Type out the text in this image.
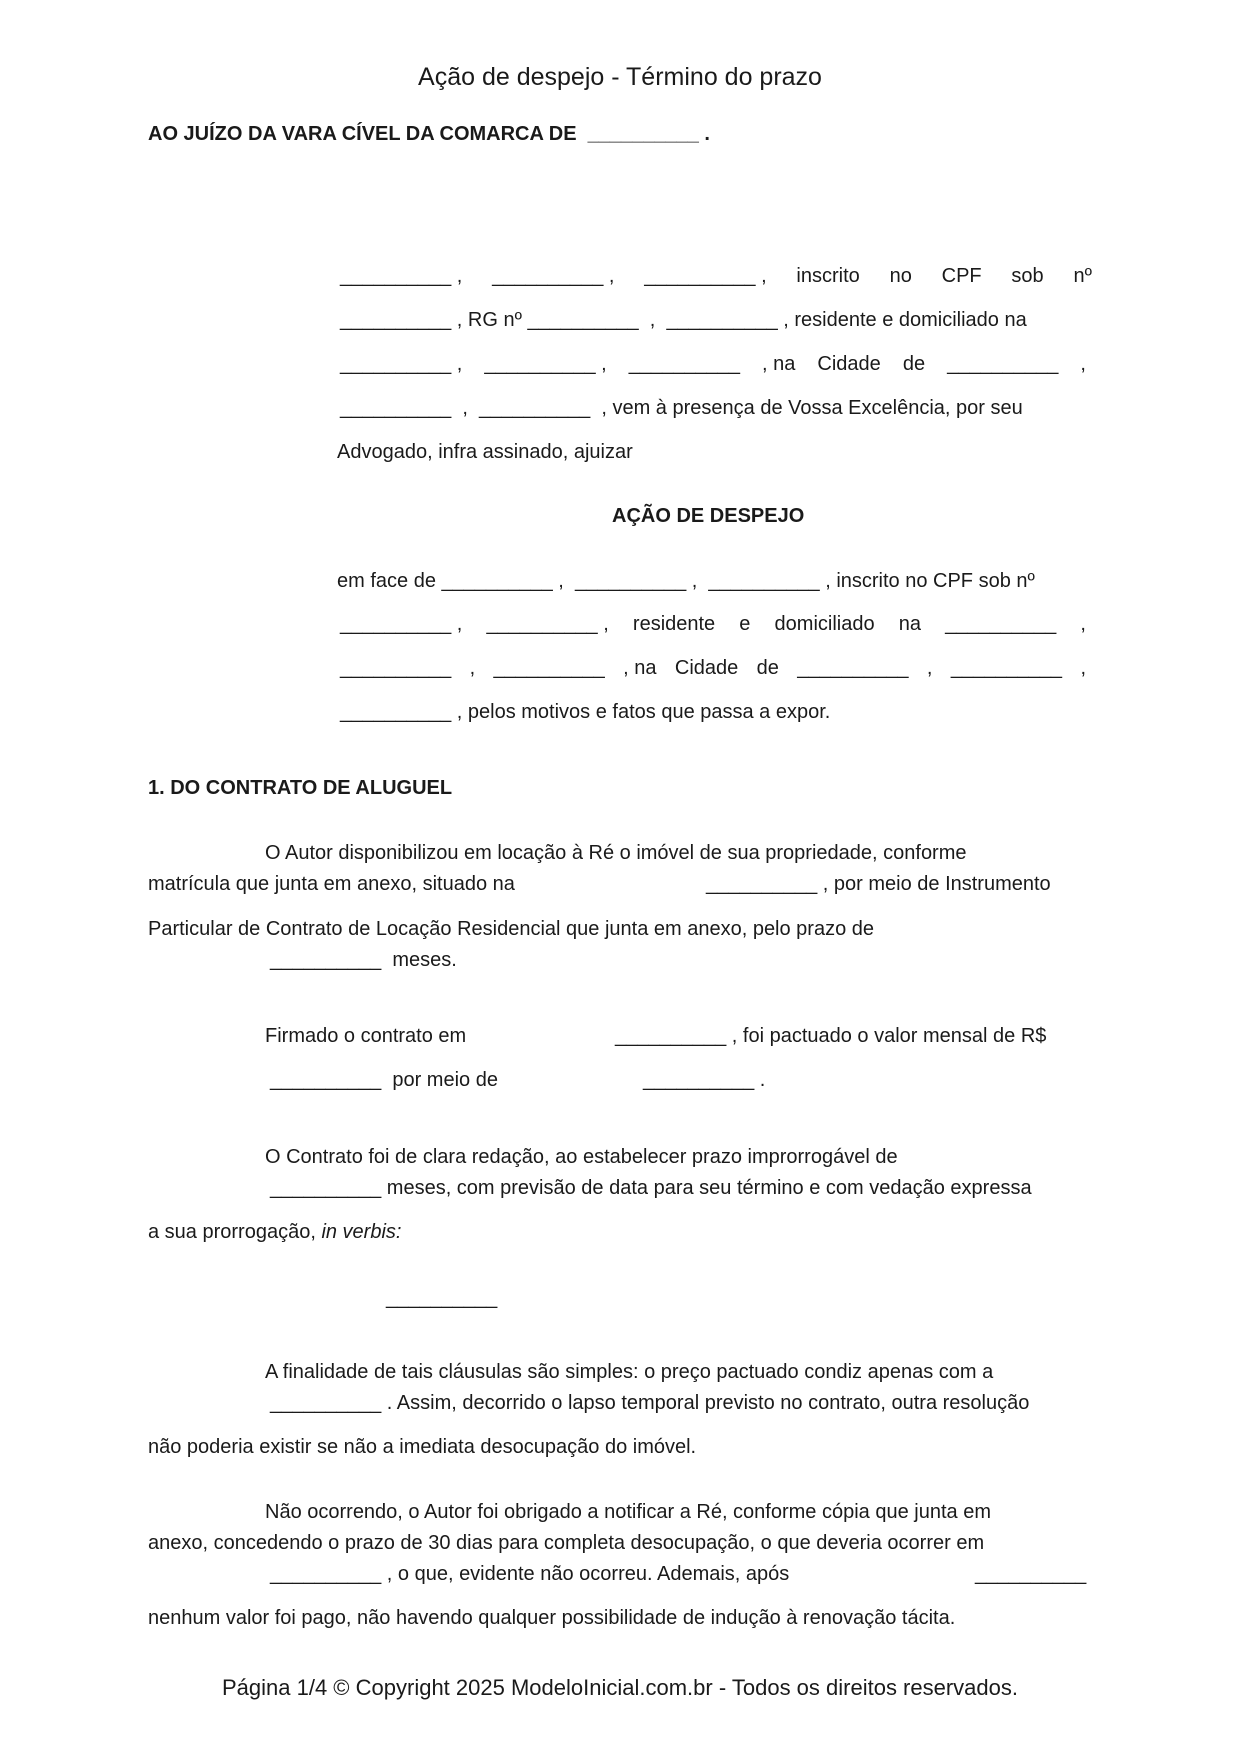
Ação de despejo - Término do prazo
AO JUÍZO DA VARA CÍVEL DA COMARCA DE  __________ .
__________ , __________ , __________ , inscrito no CPF sob nº
__________ , RG nº __________  ,  __________ , residente e domiciliado na
__________ , __________ , __________ , na Cidade de __________ ,
__________  ,  __________  , vem à presença de Vossa Excelência, por seu
Advogado, infra assinado, ajuizar
AÇÃO DE DESPEJO
em face de __________ ,  __________ ,  __________ , inscrito no CPF sob nº
__________ , __________ , residente e domiciliado na __________ ,
__________ , __________ , na Cidade de __________ , __________ ,
__________ , pelos motivos e fatos que passa a expor.
1. DO CONTRATO DE ALUGUEL
O Autor disponibilizou em locação à Ré o imóvel de sua propriedade, conforme
matrícula que junta em anexo, situado na	__________ , por meio de Instrumento
Particular de Contrato de Locação Residencial que junta em anexo, pelo prazo de
__________  meses.
Firmado o contrato em	__________ , foi pactuado o valor mensal de R$
__________  por meio de	__________ .
O Contrato foi de clara redação, ao estabelecer prazo improrrogável de
__________ meses, com previsão de data para seu término e com vedação expressa
a sua prorrogação, in verbis:
__________
A finalidade de tais cláusulas são simples: o preço pactuado condiz apenas com a
__________ . Assim, decorrido o lapso temporal previsto no contrato, outra resolução
não poderia existir se não a imediata desocupação do imóvel.
Não ocorrendo, o Autor foi obrigado a notificar a Ré, conforme cópia que junta em
anexo, concedendo o prazo de 30 dias para completa desocupação, o que deveria ocorrer em
__________ , o que, evidente não ocorreu. Ademais, após	__________
nenhum valor foi pago, não havendo qualquer possibilidade de indução à renovação tácita.
Página 1/4 © Copyright 2025 ModeloInicial.com.br - Todos os direitos reservados.
